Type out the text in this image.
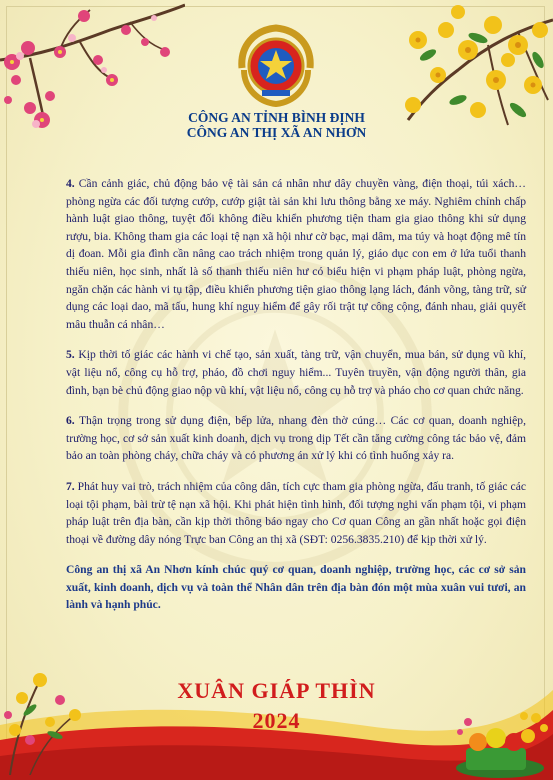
CÔNG AN TỈNH BÌNH ĐỊNH
CÔNG AN THỊ XÃ AN NHƠN

4. Cần cảnh giác, chủ động bảo vệ tài sản cá nhân như dây chuyền vàng, điện thoại, túi xách… phòng ngừa các đối tượng cướp, cướp giật tài sản khi lưu thông bằng xe máy. Nghiêm chỉnh chấp hành luật giao thông, tuyệt đối không điều khiển phương tiện tham gia giao thông khi sử dụng rượu, bia. Không tham gia các loại tệ nạn xã hội như cờ bạc, mại dâm, ma túy và hoạt động mê tín dị đoan. Mỗi gia đình cần nâng cao trách nhiệm trong quản lý, giáo dục con em ở lứa tuổi thanh thiếu niên, học sinh, nhất là số thanh thiếu niên hư có biểu hiện vi phạm pháp luật, phòng ngừa, ngăn chặn các hành vi tụ tập, điều khiển phương tiện giao thông lạng lách, đánh võng, tàng trữ, sử dụng các loại dao, mã tấu, hung khí nguy hiểm để gây rối trật tự công cộng, đánh nhau, giải quyết mâu thuẫn cá nhân…

5. Kịp thời tố giác các hành vi chế tạo, sản xuất, tàng trữ, vận chuyển, mua bán, sử dụng vũ khí, vật liệu nổ, công cụ hỗ trợ, pháo, đồ chơi nguy hiểm... Tuyên truyền, vận động người thân, gia đình, bạn bè chủ động giao nộp vũ khí, vật liệu nổ, công cụ hỗ trợ và pháo cho cơ quan chức năng.

6. Thận trọng trong sử dụng điện, bếp lửa, nhang đèn thờ cúng… Các cơ quan, doanh nghiệp, trường học, cơ sở sản xuất kinh doanh, dịch vụ trong dịp Tết cần tăng cường công tác bảo vệ, đảm bảo an toàn phòng cháy, chữa cháy và có phương án xử lý khi có tình huống xảy ra.

7. Phát huy vai trò, trách nhiệm của công dân, tích cực tham gia phòng ngừa, đấu tranh, tố giác các loại tội phạm, bài trừ tệ nạn xã hội. Khi phát hiện tình hình, đối tượng nghi vấn phạm tội, vi phạm pháp luật trên địa bàn, cần kịp thời thông báo ngay cho Cơ quan Công an gần nhất hoặc gọi điện thoại về đường dây nóng Trực ban Công an thị xã (SĐT: 0256.3835.210) để kịp thời xử lý.

Công an thị xã An Nhơn kính chúc quý cơ quan, doanh nghiệp, trường học, các cơ sở sản xuất, kinh doanh, dịch vụ và toàn thể Nhân dân trên địa bàn đón một mùa xuân vui tươi, an lành và hạnh phúc.

XUÂN GIÁP THÌN
2024
